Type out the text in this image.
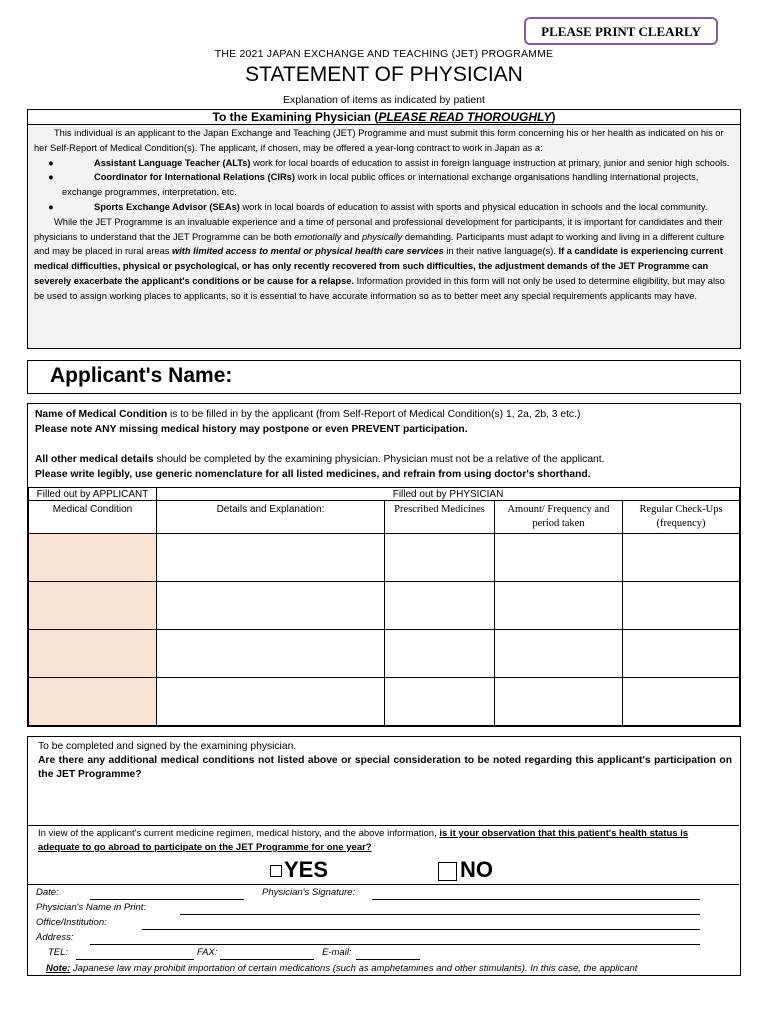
PLEASE PRINT CLEARLY
THE 2021 JAPAN EXCHANGE AND TEACHING (JET) PROGRAMME
STATEMENT OF PHYSICIAN
Explanation of items as indicated by patient
To the Examining Physician (PLEASE READ THOROUGHLY)

This individual is an applicant to the Japan Exchange and Teaching (JET) Programme and must submit this form concerning his or her health as indicated on his or her Self-Report of Medical Condition(s). The applicant, if chosen, may be offered a year-long contract to work in Japan as a:

●	Assistant Language Teacher (ALTs) work for local boards of education to assist in foreign language instruction at primary, junior and senior high schools.
●	Coordinator for International Relations (CIRs) work in local public offices or international exchange organisations handling international projects, exchange programmes, interpretation, etc.
●	Sports Exchange Advisor (SEAs) work in local boards of education to assist with sports and physical education in schools and the local community.

While the JET Programme is an invaluable experience and a time of personal and professional development for participants, it is important for candidates and their physicians to understand that the JET Programme can be both emotionally and physically demanding. Participants must adapt to working and living in a different culture and may be placed in rural areas with limited access to mental or physical health care services in their native language(s). If a candidate is experiencing current medical difficulties, physical or psychological, or has only recently recovered from such difficulties, the adjustment demands of the JET Programme can severely exacerbate the applicant's conditions or be cause for a relapse. Information provided in this form will not only be used to determine eligibility, but may also be used to assign working places to applicants, so it is essential to have accurate information so as to better meet any special requirements applicants may have.

Applicant's Name:

Name of Medical Condition is to be filled in by the applicant (from Self-Report of Medical Condition(s) 1, 2a, 2b, 3 etc.)

Please note ANY missing medical history may postpone or even PREVENT participation.

All other medical details should be completed by the examining physician. Physician must not be a relative of the applicant.

Please write legibly, use generic nomenclature for all listed medicines, and refrain from using doctor's shorthand.

Filled out by APPLICANT	Filled out by PHYSICIAN			
Medical Condition	Details and Explanation:	Prescribed Medicines	Amount/ Frequency and period taken	Regular Check-Ups (frequency)

To be completed and signed by the examining physician.

Are there any additional medical conditions not listed above or special consideration to be noted regarding this applicant's participation on the JET Programme?

In view of the applicant's current medicine regimen, medical history, and the above information, is it your observation that this patient's health status is adequate to go abroad to participate on the JET Programme for one year?
YES	NO
Date:	Physician's Signature:
Physician's Name in Print:
Office/Institution:
Address:
TEL:	FAX:	E-mail:
Note: Japanese law may prohibit importation of certain medications (such as amphetamines and other stimulants). In this case, the applicant
